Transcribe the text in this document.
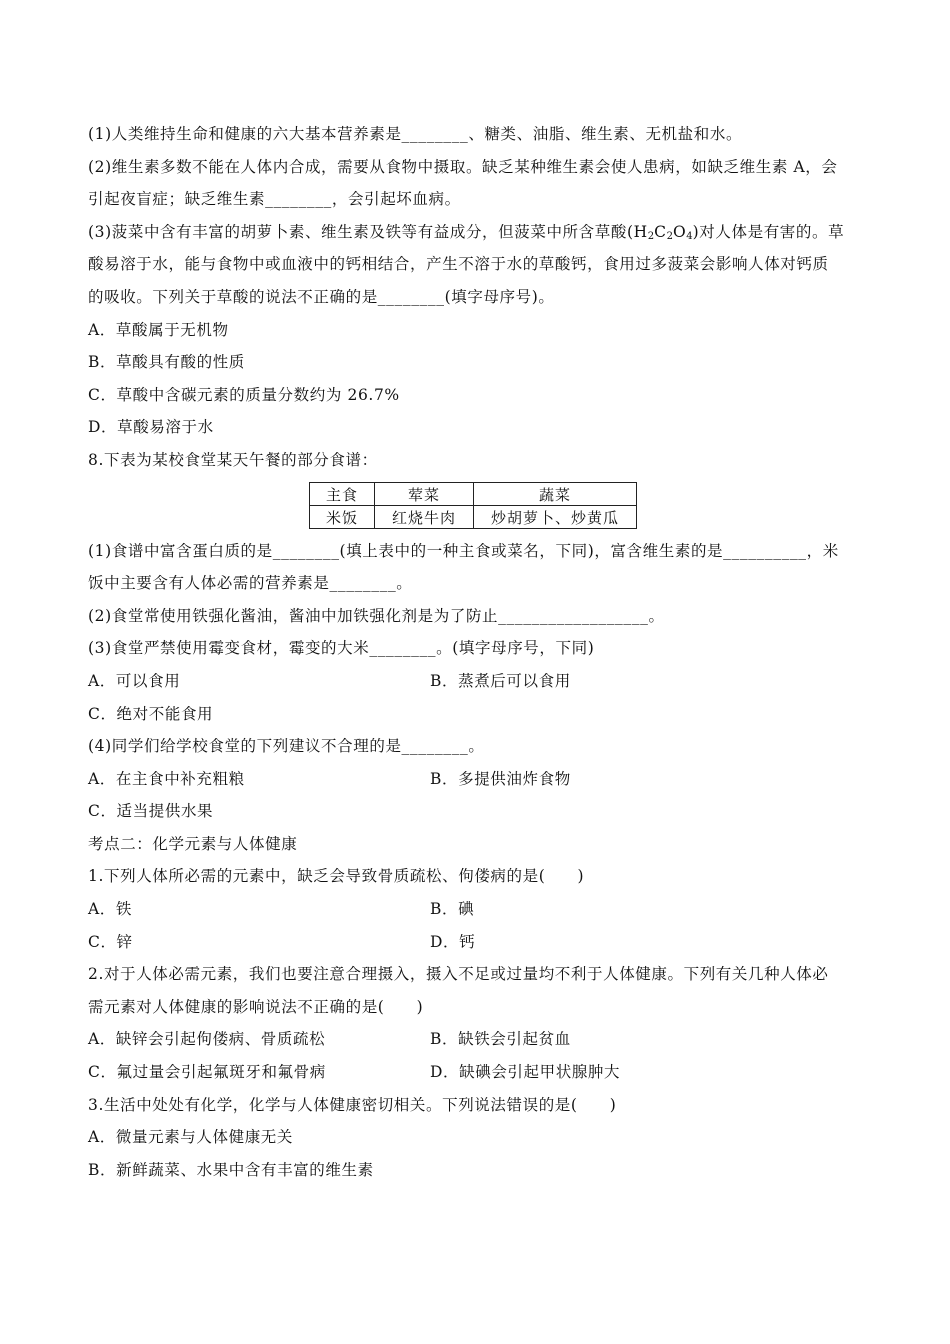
(1)人类维持生命和健康的六大基本营养素是________、糖类、油脂、维生素、无机盐和水。
(2)维生素多数不能在人体内合成，需要从食物中摄取。缺乏某种维生素会使人患病，如缺乏维生素 A，会
引起夜盲症；缺乏维生素________，会引起坏血病。
(3)菠菜中含有丰富的胡萝卜素、维生素及铁等有益成分，但菠菜中所含草酸$(H_2C_2O_4)$对人体是有害的。草
酸易溶于水，能与食物中或血液中的钙相结合，产生不溶于水的草酸钙，食用过多菠菜会影响人体对钙质
的吸收。下列关于草酸的说法不正确的是________(填字母序号)。
A．草酸属于无机物
B．草酸具有酸的性质
C．草酸中含碳元素的质量分数约为 26.7%
D．草酸易溶于水
8.下表为某校食堂某天午餐的部分食谱：
主食	荤菜	蔬菜
米饭	红烧牛肉	炒胡萝卜、炒黄瓜
(1)食谱中富含蛋白质的是________(填上表中的一种主食或菜名，下同)，富含维生素的是__________，米
饭中主要含有人体必需的营养素是________。
(2)食堂常使用铁强化酱油，酱油中加铁强化剂是为了防止__________________。
(3)食堂严禁使用霉变食材，霉变的大米________。(填字母序号，下同)
A．可以食用	B．蒸煮后可以食用
C．绝对不能食用
(4)同学们给学校食堂的下列建议不合理的是________。
A．在主食中补充粗粮	B．多提供油炸食物
C．适当提供水果
考点二：化学元素与人体健康
1.下列人体所必需的元素中，缺乏会导致骨质疏松、佝偻病的是(　　)
A．铁	B．碘
C．锌	D．钙
2.对于人体必需元素，我们也要注意合理摄入，摄入不足或过量均不利于人体健康。下列有关几种人体必
需元素对人体健康的影响说法不正确的是(　　)
A．缺锌会引起佝偻病、骨质疏松	B．缺铁会引起贫血
C．氟过量会引起氟斑牙和氟骨病	D．缺碘会引起甲状腺肿大
3.生活中处处有化学，化学与人体健康密切相关。下列说法错误的是(　　)
A．微量元素与人体健康无关
B．新鲜蔬菜、水果中含有丰富的维生素
